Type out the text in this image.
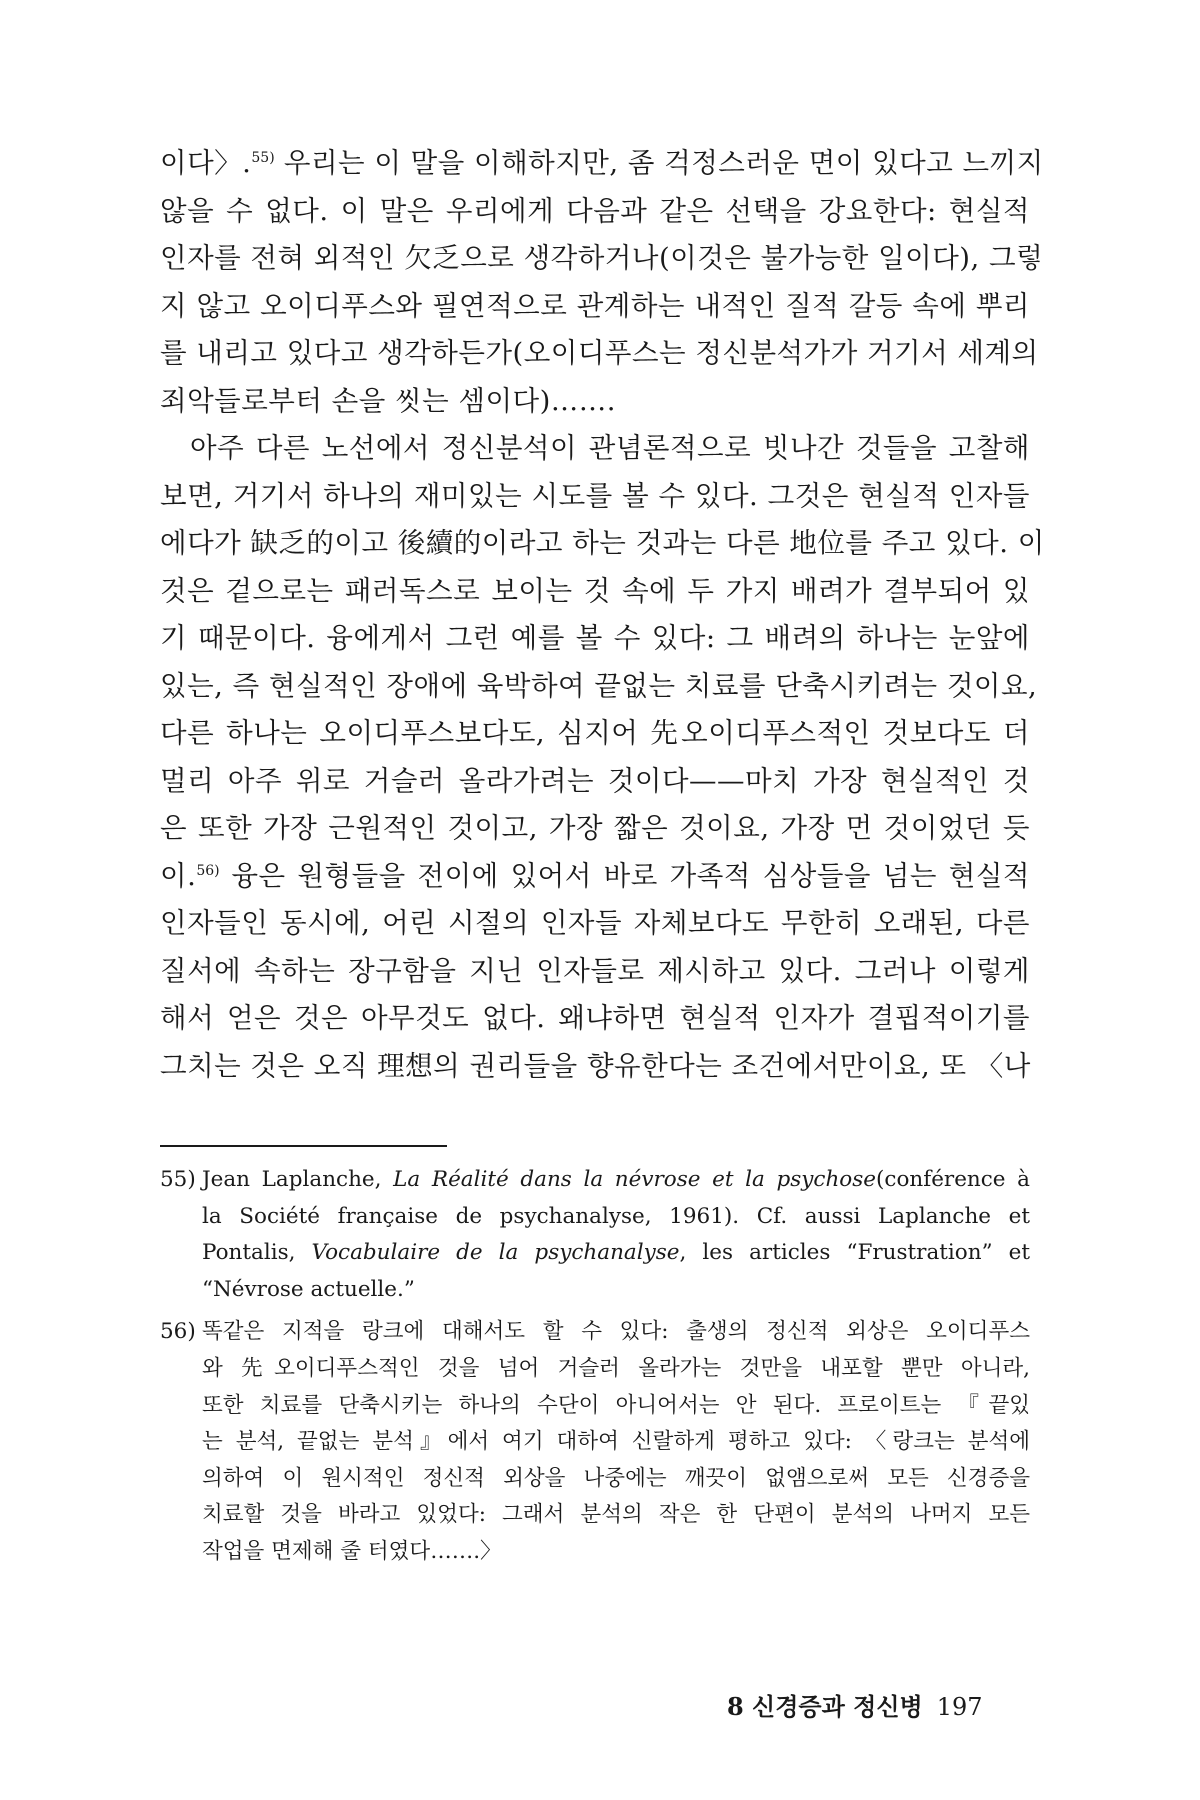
이다〉.$^{55)}$ 우리는 이 말을 이해하지만, 좀 걱정스러운 면이 있다고 느끼지
않을 수 없다. 이 말은 우리에게 다음과 같은 선택을 강요한다: 현실적
인자를 전혀 외적인 欠乏으로 생각하거나(이것은 불가능한 일이다), 그렇
지 않고 오이디푸스와 필연적으로 관계하는 내적인 질적 갈등 속에 뿌리
를 내리고 있다고 생각하든가(오이디푸스는 정신분석가가 거기서 세계의
죄악들로부터 손을 씻는 셈이다)…….

아주 다른 노선에서 정신분석이 관념론적으로 빗나간 것들을 고찰해
보면, 거기서 하나의 재미있는 시도를 볼 수 있다. 그것은 현실적 인자들
에다가 缺乏的이고 後續的이라고 하는 것과는 다른 地位를 주고 있다. 이
것은 겉으로는 패러독스로 보이는 것 속에 두 가지 배려가 결부되어 있
기 때문이다. 융에게서 그런 예를 볼 수 있다: 그 배려의 하나는 눈앞에
있는, 즉 현실적인 장애에 육박하여 끝없는 치료를 단축시키려는 것이요,
다른 하나는 오이디푸스보다도, 심지어 先오이디푸스적인 것보다도 더
멀리 아주 위로 거슬러 올라가려는 것이다——마치 가장 현실적인 것
은 또한 가장 근원적인 것이고, 가장 짧은 것이요, 가장 먼 것이었던 듯
이.$^{56)}$ 융은 원형들을 전이에 있어서 바로 가족적 심상들을 넘는 현실적
인자들인 동시에, 어린 시절의 인자들 자체보다도 무한히 오래된, 다른
질서에 속하는 장구함을 지닌 인자들로 제시하고 있다. 그러나 이렇게
해서 얻은 것은 아무것도 없다. 왜냐하면 현실적 인자가 결핍적이기를
그치는 것은 오직 理想의 권리들을 향유한다는 조건에서만이요, 또 〈나

55) Jean Laplanche, La Réalité dans la névrose et la psychose(conférence à
la Société française de psychanalyse, 1961). Cf. aussi Laplanche et
Pontalis, Vocabulaire de la psychanalyse, les articles “Frustration” et
“Névrose actuelle.”
56) 똑같은 지적을 랑크에 대해서도 할 수 있다: 출생의 정신적 외상은 오이디푸스
와 先오이디푸스적인 것을 넘어 거슬러 올라가는 것만을 내포할 뿐만 아니라,
또한 치료를 단축시키는 하나의 수단이 아니어서는 안 된다. 프로이트는 『끝있
는 분석, 끝없는 분석』에서 여기 대하여 신랄하게 평하고 있다: 〈랑크는 분석에
의하여 이 원시적인 정신적 외상을 나중에는 깨끗이 없앰으로써 모든 신경증을
치료할 것을 바라고 있었다: 그래서 분석의 작은 한 단편이 분석의 나머지 모든
작업을 면제해 줄 터였다…….〉
8 신경증과 정신병 197
